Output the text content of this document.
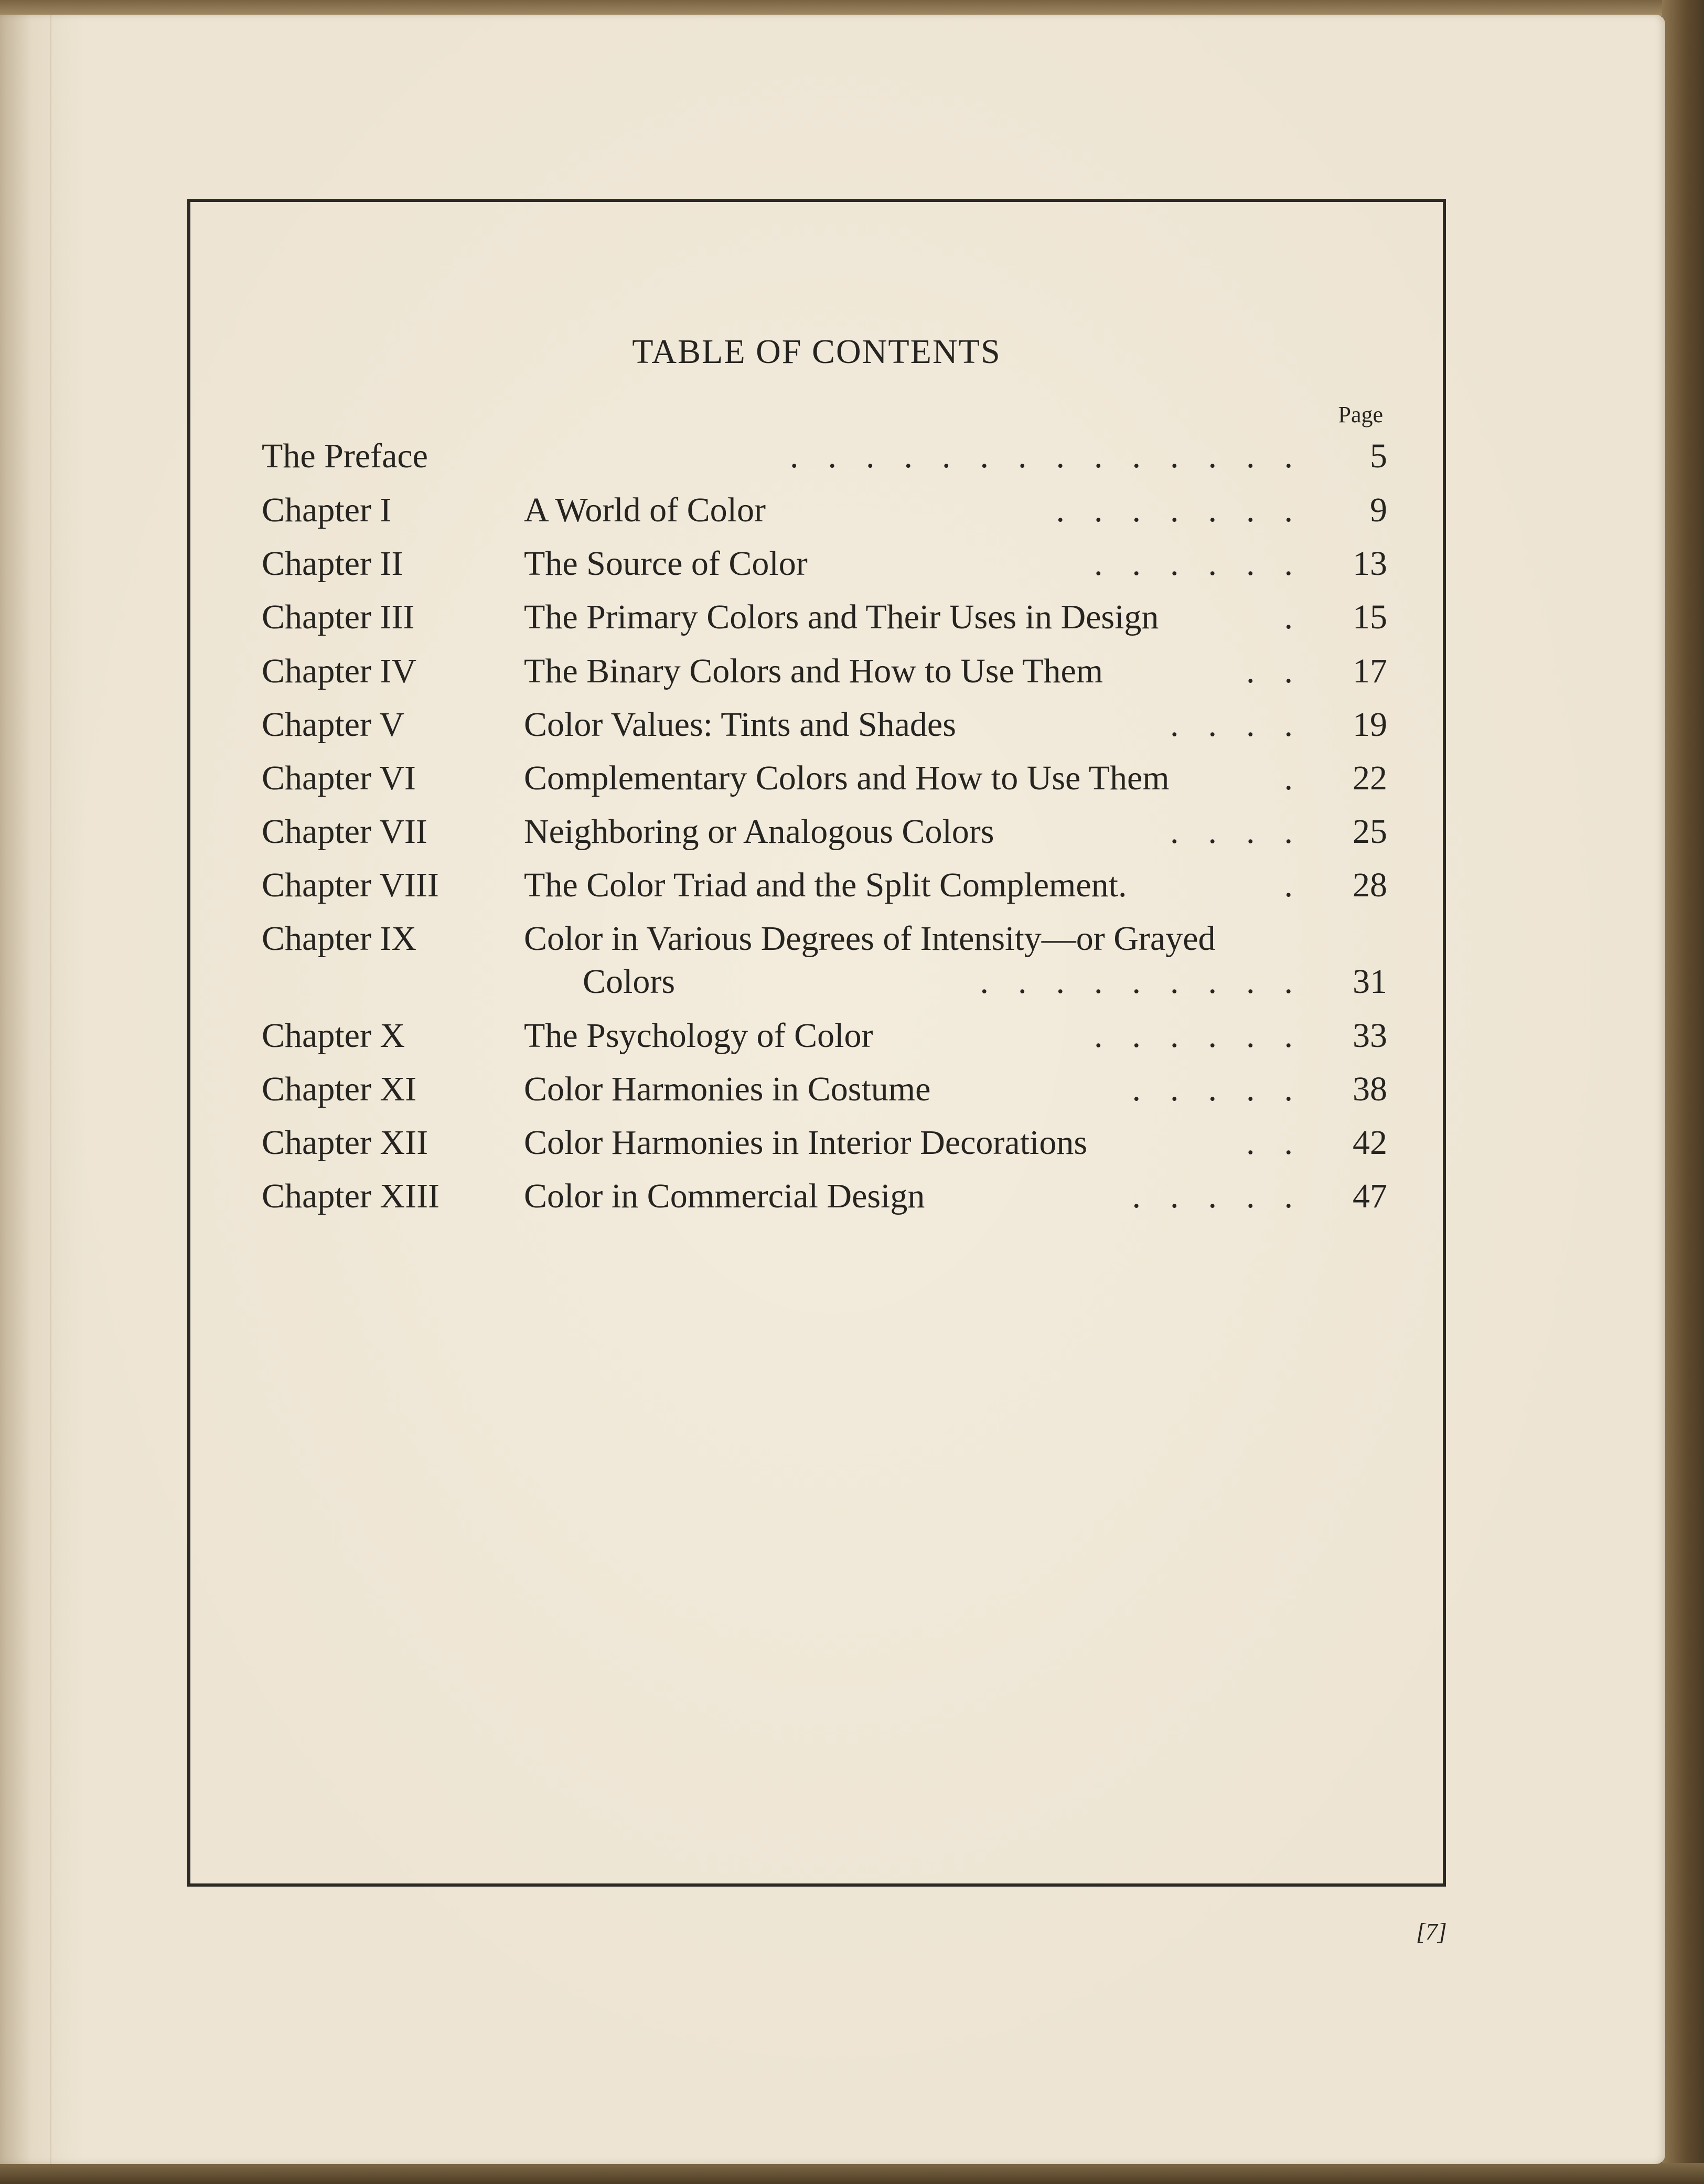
TABLE OF CONTENTS
Page
The Preface	..............	5
Chapter I	A World of Color	.......	9
Chapter II	The Source of Color	...... 13
Chapter III	The Primary Colors and Their Uses in Design	. 15
Chapter IV	The Binary Colors and How to Use Them	.. 17
Chapter V	Color Values: Tints and Shades	.... 19
Chapter VI	Complementary Colors and How to Use Them	. 22
Chapter VII	Neighboring or Analogous Colors	.... 25
Chapter VIII The Color Triad and the Split Complement.	. 28
Chapter IX	Color in Various Degrees of Intensity—or Grayed
Colors	......... 31
Chapter X	The Psychology of Color	...... 33
Chapter XI	Color Harmonies in Costume	..... 38
Chapter XII	Color Harmonies in Interior Decorations	.. 42
Chapter XIII Color in Commercial Design	..... 47
[7]
